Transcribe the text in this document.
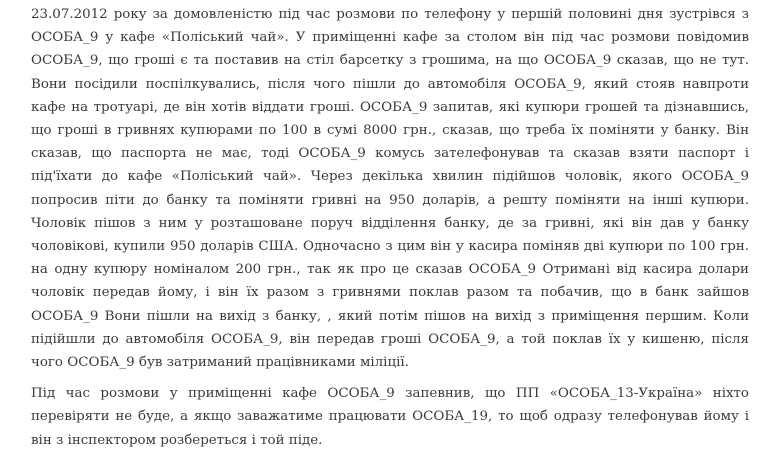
23.07.2012 року за домовленістю під час розмови по телефону у першій половині дня зустрівся з ОСОБА_9 у кафе «Поліський чай». У приміщенні кафе за столом він під час розмови повідомив ОСОБА_9, що гроші є та поставив на стіл барсетку з грошима, на що ОСОБА_9 сказав, що не тут. Вони посідили поспілкувались, після чого пішли до автомобіля ОСОБА_9, який стояв навпроти кафе на тротуарі, де він хотів віддати гроші. ОСОБА_9 запитав, які купюри грошей та дізнавшись, що гроші в гривнях купюрами по 100 в сумі 8000 грн., сказав, що треба їх поміняти у банку. Він сказав, що паспорта не має, тоді ОСОБА_9 комусь зателефонував та сказав взяти паспорт і під'їхати до кафе «Поліський чай». Через декілька хвилин підійшов чоловік, якого ОСОБА_9 попросив піти до банку та поміняти гривні на 950 доларів, а решту поміняти на інші купюри. Чоловік пішов з ним у розташоване поруч відділення банку, де за гривні, які він дав у банку чоловікові, купили 950 доларів США. Одночасно з цим він у касира поміняв дві купюри по 100 грн. на одну купюру номіналом 200 грн., так як про це сказав ОСОБА_9 Отримані від касира долари чоловік передав йому, і він їх разом з гривнями поклав разом та побачив, що в банк зайшов ОСОБА_9 Вони пішли на вихід з банку, , який потім пішов на вихід з приміщення першим. Коли підійшли до автомобіля ОСОБА_9, він передав гроші ОСОБА_9, а той поклав їх у кишеню, після чого ОСОБА_9 був затриманий працівниками міліції.

Під час розмови у приміщенні кафе ОСОБА_9 запевнив, що ПП «ОСОБА_13-Україна» ніхто перевіряти не буде, а якщо заважатиме працювати ОСОБА_19, то щоб одразу телефонував йому і він з інспектором розбереться і той піде.
